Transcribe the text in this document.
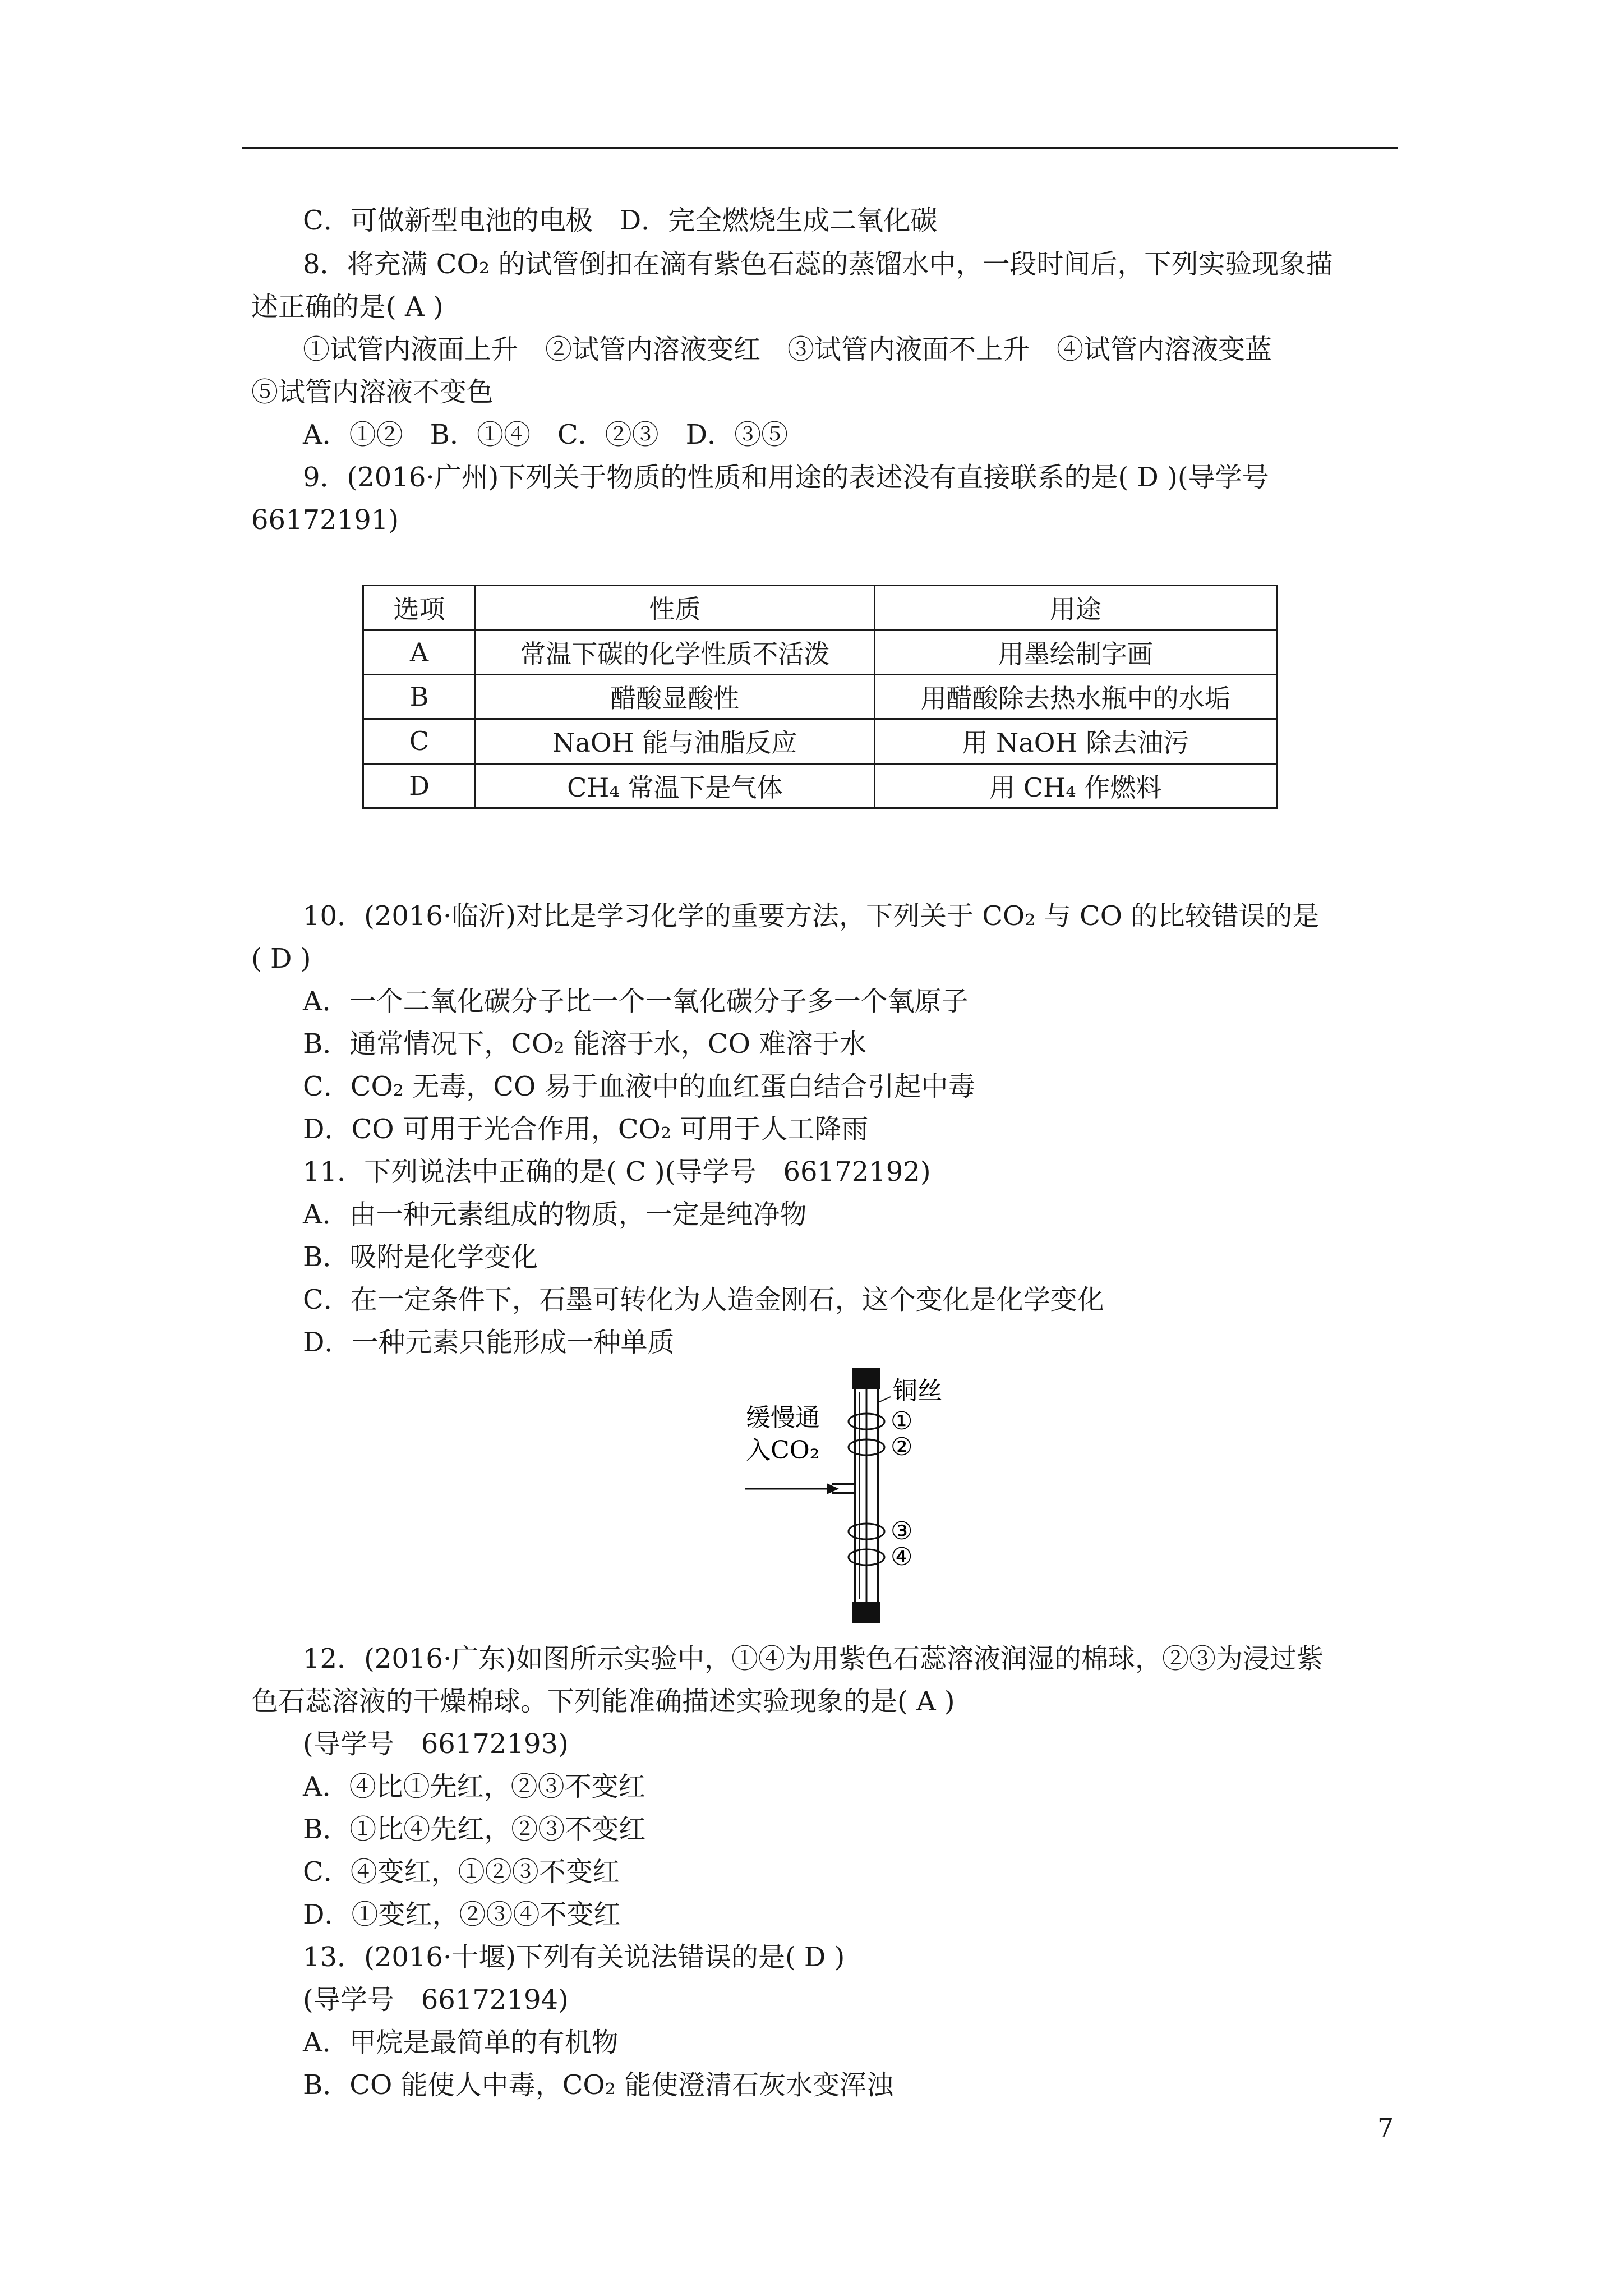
C．可做新型电池的电极　D．完全燃烧生成二氧化碳
8．将充满 CO₂ 的试管倒扣在滴有紫色石蕊的蒸馏水中，一段时间后，下列实验现象描
述正确的是( A )
①试管内液面上升　②试管内溶液变红　③试管内液面不上升　④试管内溶液变蓝
⑤试管内溶液不变色
A．①②　B．①④　C．②③　D．③⑤
9．(2016·广州)下列关于物质的性质和用途的表述没有直接联系的是( D )(导学号
66172191)
选项	性质	用途
A	常温下碳的化学性质不活泼	用墨绘制字画
B	醋酸显酸性	用醋酸除去热水瓶中的水垢
C	NaOH 能与油脂反应	用 NaOH 除去油污
D	CH₄ 常温下是气体	用 CH₄ 作燃料
10．(2016·临沂)对比是学习化学的重要方法，下列关于 CO₂ 与 CO 的比较错误的是
( D )
A．一个二氧化碳分子比一个一氧化碳分子多一个氧原子
B．通常情况下，CO₂ 能溶于水，CO 难溶于水
C．CO₂ 无毒，CO 易于血液中的血红蛋白结合引起中毒
D．CO 可用于光合作用，CO₂ 可用于人工降雨
11．下列说法中正确的是( C )(导学号　66172192)
A．由一种元素组成的物质，一定是纯净物
B．吸附是化学变化
C．在一定条件下，石墨可转化为人造金刚石，这个变化是化学变化
D．一种元素只能形成一种单质
缓慢通
入CO₂
铜丝
①
②
③
④
12．(2016·广东)如图所示实验中，①④为用紫色石蕊溶液润湿的棉球，②③为浸过紫
色石蕊溶液的干燥棉球。下列能准确描述实验现象的是( A )
(导学号　66172193)
A．④比①先红，②③不变红
B．①比④先红，②③不变红
C．④变红，①②③不变红
D．①变红，②③④不变红
13．(2016·十堰)下列有关说法错误的是( D )
(导学号　66172194)
A．甲烷是最简单的有机物
B．CO 能使人中毒，CO₂ 能使澄清石灰水变浑浊
7
